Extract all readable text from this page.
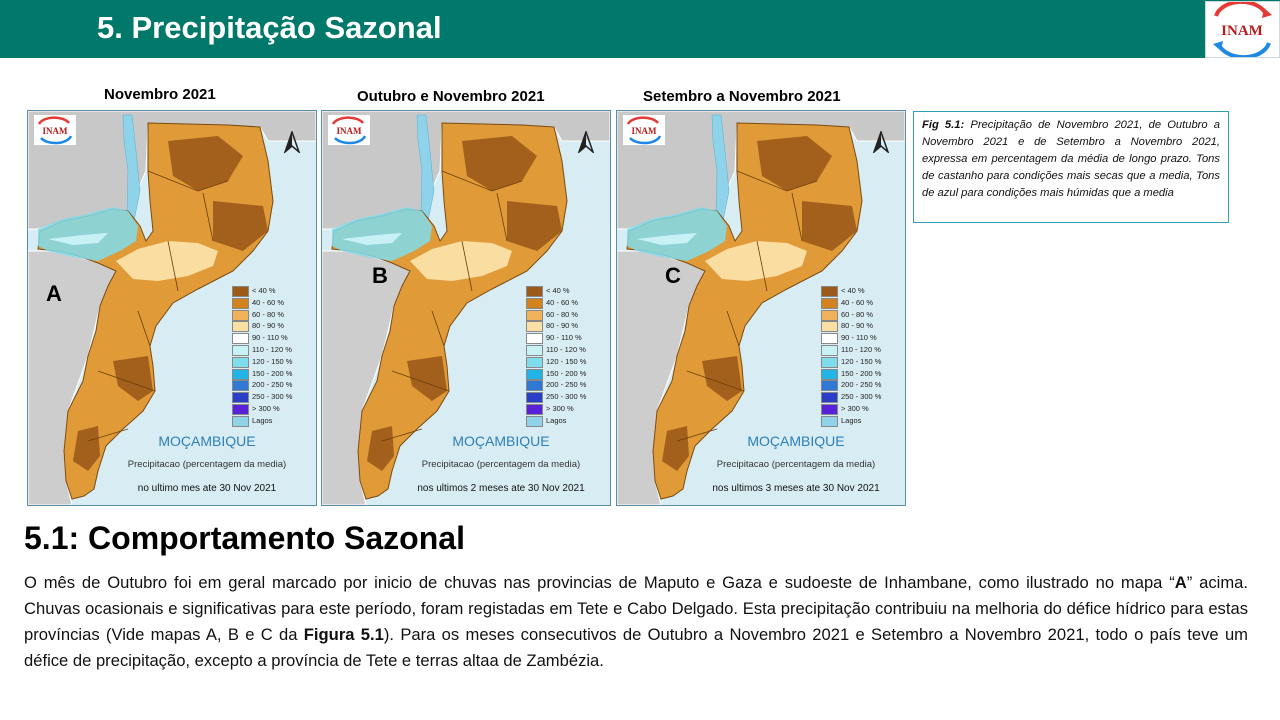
5. Precipitação Sazonal	INAM
Novembro 2021	Outubro e Novembro 2021	Setembro a Novembro 2021
INAM
A	< 40 %
40 - 60 %
60 - 80 %
80 - 90 %
90 - 110 %
110 - 120 %
120 - 150 %
150 - 200 %
200 - 250 %
250 - 300 %
> 300 %
Lagos
MOÇAMBIQUE
Precipitacao (percentagem da media)
no ultimo mes ate 30 Nov 2021
INAM
B
< 40 %
40 - 60 %
60 - 80 %
80 - 90 %
90 - 110 %
110 - 120 %
120 - 150 %
150 - 200 %
200 - 250 %
250 - 300 %
> 300 %
Lagos
MOÇAMBIQUE
Precipitacao (percentagem da media)
nos ultimos 2 meses ate 30 Nov 2021
INAM
C
< 40 %
40 - 60 %
60 - 80 %
80 - 90 %
90 - 110 %
110 - 120 %
120 - 150 %
150 - 200 %
200 - 250 %
250 - 300 %
> 300 %
Lagos
MOÇAMBIQUE
Precipitacao (percentagem da media)
nos ultimos 3 meses ate 30 Nov 2021
Fig 5.1: Precipitação de Novembro 2021, de Outubro a Novembro 2021 e de Setembro a Novembro 2021, expressa em percentagem da média de longo prazo. Tons de castanho para condições mais secas que a media, Tons de azul para condições mais húmidas que a media
5.1: Comportamento Sazonal
O mês de Outubro foi em geral marcado por inicio de chuvas nas provincias de Maputo e Gaza e sudoeste de Inhambane, como ilustrado no mapa “A” acima. Chuvas ocasionais e significativas para este período, foram registadas em Tete e Cabo Delgado. Esta precipitação contribuiu na melhoria do défice hídrico para estas províncias (Vide mapas A, B e C da Figura 5.1). Para os meses consecutivos de Outubro a Novembro 2021 e Setembro a Novembro 2021, todo o país teve um défice de precipitação, excepto a província de Tete e terras altaa de Zambézia.
